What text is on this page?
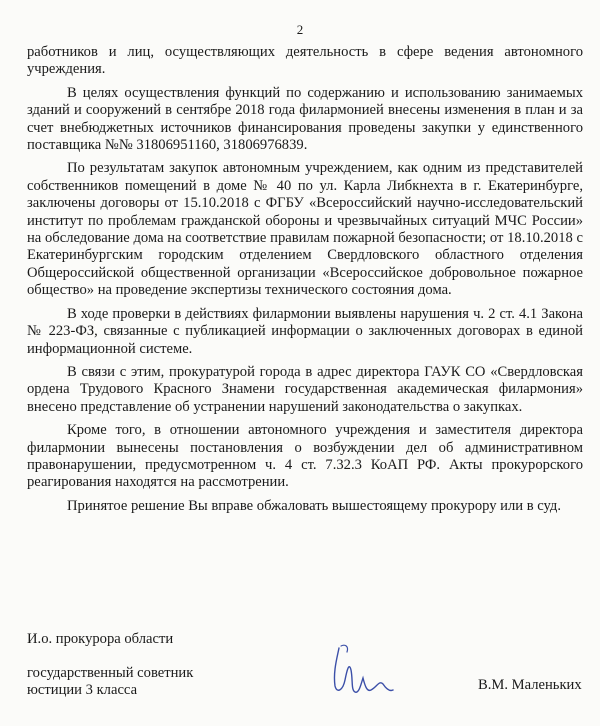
2

работников и лиц, осуществляющих деятельность в сфере ведения автономного учреждения.

В целях осуществления функций по содержанию и использованию занимаемых зданий и сооружений в сентябре 2018 года филармонией внесены изменения в план и за счет внебюджетных источников финансирования проведены закупки у единственного поставщика №№ 31806951160, 31806976839.

По результатам закупок автономным учреждением, как одним из представителей собственников помещений в доме № 40 по ул. Карла Либкнехта в г. Екатеринбурге, заключены договоры от 15.10.2018 с ФГБУ «Всероссийский научно-исследовательский институт по проблемам гражданской обороны и чрезвычайных ситуаций МЧС России» на обследование дома на соответствие правилам пожарной безопасности; от 18.10.2018 с Екатеринбургским городским отделением Свердловского областного отделения Общероссийской общественной организации «Всероссийское добровольное пожарное общество» на проведение экспертизы технического состояния дома.

В ходе проверки в действиях филармонии выявлены нарушения ч. 2 ст. 4.1 Закона № 223-ФЗ, связанные с публикацией информации о заключенных договорах в единой информационной системе.

В связи с этим, прокуратурой города в адрес директора ГАУК СО «Свердловская ордена Трудового Красного Знамени государственная академическая филармония» внесено представление об устранении нарушений законодательства о закупках.

Кроме того, в отношении автономного учреждения и заместителя директора филармонии вынесены постановления о возбуждении дел об административном правонарушении, предусмотренном ч. 4 ст. 7.32.3 КоАП РФ. Акты прокурорского реагирования находятся на рассмотрении.

Принятое решение Вы вправе обжаловать вышестоящему прокурору или в суд.

И.о. прокурора области
государственный советник
юстиции 3 класса	В.М. Маленьких
